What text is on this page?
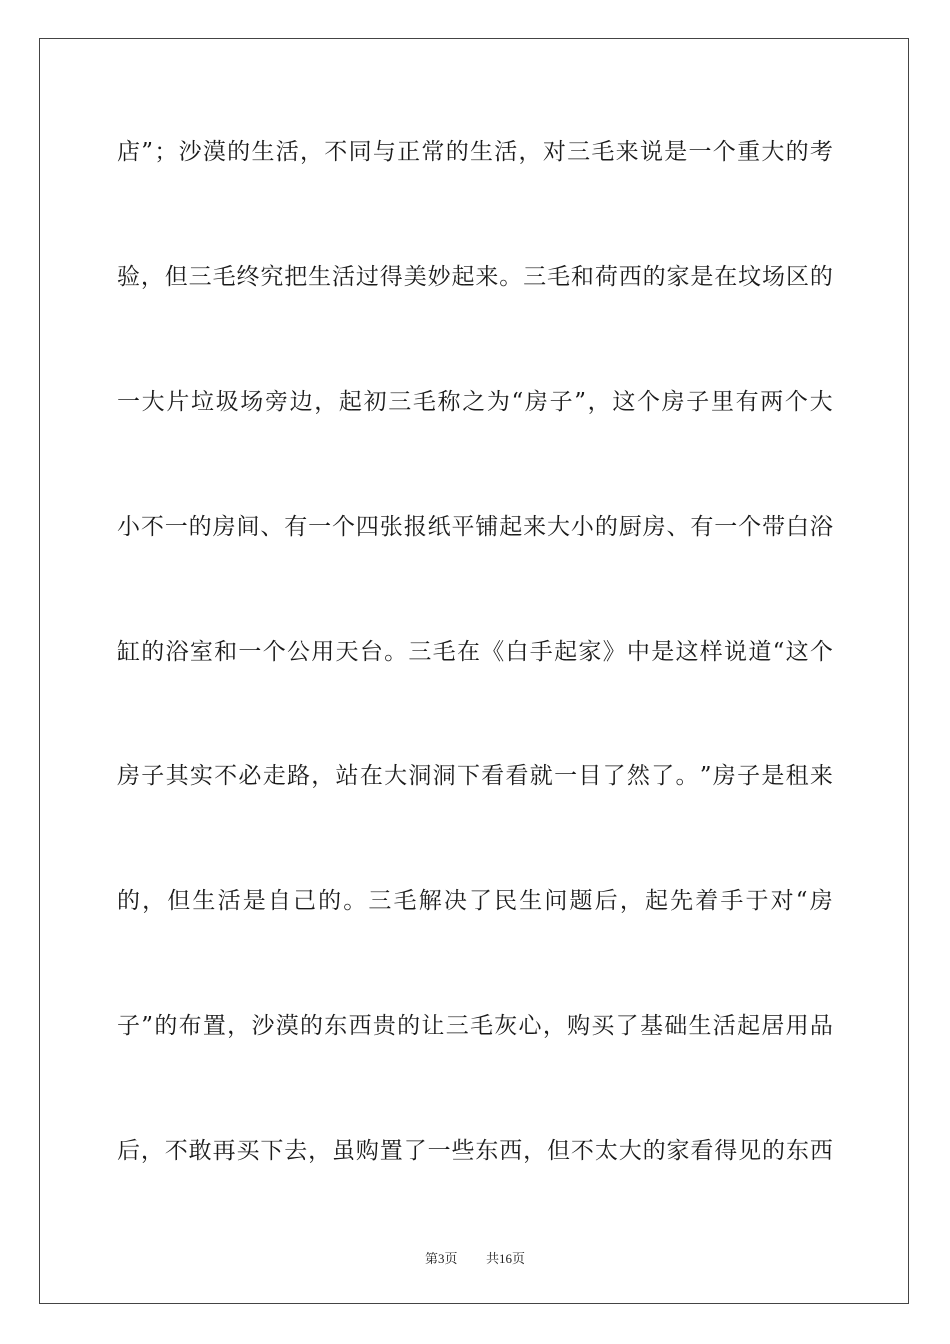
店 ” ； 沙 漠 的 生 活 ， 不 同 与 正 常 的 生 活 ， 对 三 毛 来 说 是 一 个 重 大 的 考
验 ， 但 三 毛 终 究 把 生 活 过 得 美 妙 起 来 。 三 毛 和 荷 西 的 家 是 在 坟 场 区 的
一 大 片 垃 圾 场 旁 边 ， 起 初 三 毛 称 之 为 “ 房 子 ” ， 这 个 房 子 里 有 两 个 大
小 不 一 的 房 间 、 有 一 个 四 张 报 纸 平 铺 起 来 大 小 的 厨 房 、 有 一 个 带 白 浴
缸 的 浴 室 和 一 个 公 用 天 台 。 三 毛 在 《 白 手 起 家 》 中 是 这 样 说 道 “ 这 个
房 子 其 实 不 必 走 路 ， 站 在 大 洞 洞 下 看 看 就 一 目 了 然 了 。 ” 房 子 是 租 来
的 ， 但 生 活 是 自 己 的 。 三 毛 解 决 了 民 生 问 题 后 ， 起 先 着 手 于 对 “ 房
子 ” 的 布 置 ， 沙 漠 的 东 西 贵 的 让 三 毛 灰 心 ， 购 买 了 基 础 生 活 起 居 用 品
后 ， 不 敢 再 买 下 去 ， 虽 购 置 了 一 些 东 西 ， 但 不 太 大 的 家 看 得 见 的 东 西
第3页 共16页
